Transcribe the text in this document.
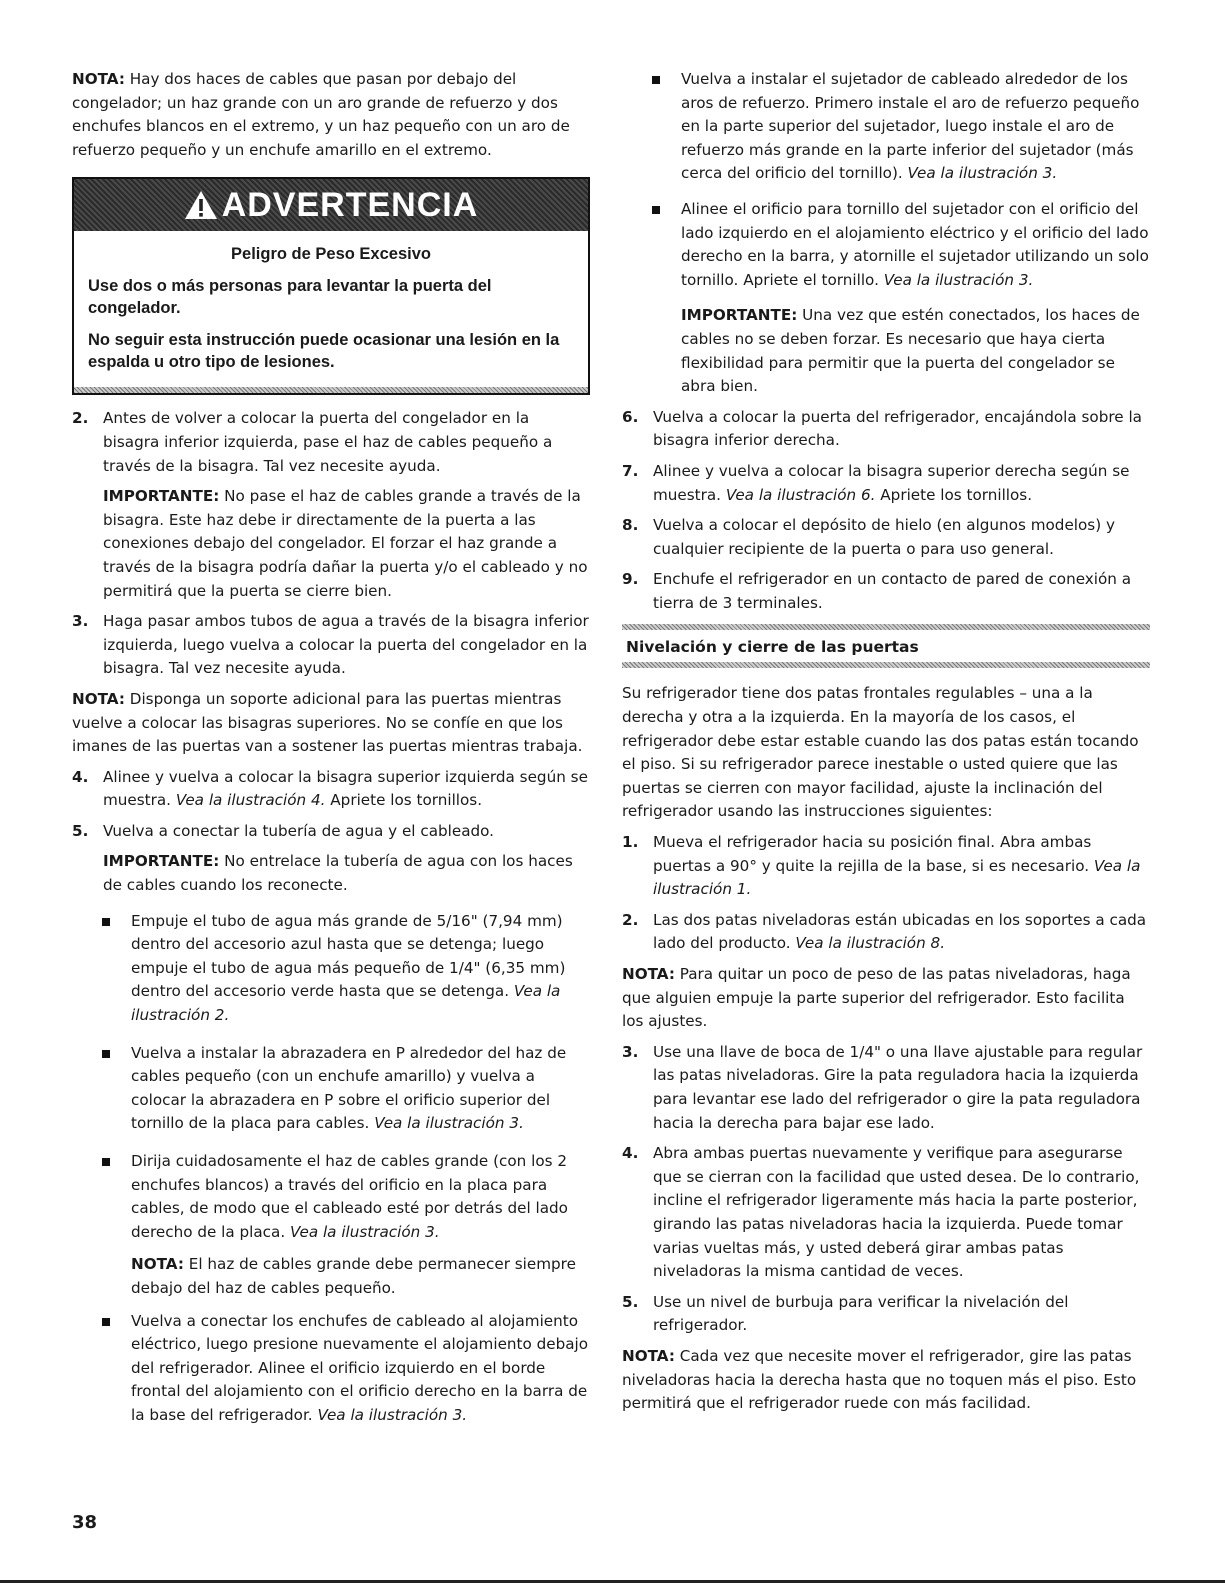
NOTA: Hay dos haces de cables que pasan por debajo del congelador; un haz grande con un aro grande de refuerzo y dos enchufes blancos en el extremo, y un haz pequeño con un aro de refuerzo pequeño y un enchufe amarillo en el extremo.

ADVERTENCIA
Peligro de Peso Excesivo

Use dos o más personas para levantar la puerta del congelador.

No seguir esta instrucción puede ocasionar una lesión en la espalda u otro tipo de lesiones.

2. Antes de volver a colocar la puerta del congelador en la bisagra inferior izquierda, pase el haz de cables pequeño a través de la bisagra. Tal vez necesite ayuda.

IMPORTANTE: No pase el haz de cables grande a través de la bisagra. Este haz debe ir directamente de la puerta a las conexiones debajo del congelador. El forzar el haz grande a través de la bisagra podría dañar la puerta y/o el cableado y no permitirá que la puerta se cierre bien.

3. Haga pasar ambos tubos de agua a través de la bisagra inferior izquierda, luego vuelva a colocar la puerta del congelador en la bisagra. Tal vez necesite ayuda.

NOTA: Disponga un soporte adicional para las puertas mientras vuelve a colocar las bisagras superiores. No se confíe en que los imanes de las puertas van a sostener las puertas mientras trabaja.

4. Alinee y vuelva a colocar la bisagra superior izquierda según se muestra. Vea la ilustración 4. Apriete los tornillos.

5. Vuelva a conectar la tubería de agua y el cableado.

IMPORTANTE: No entrelace la tubería de agua con los haces de cables cuando los reconecte.

Empuje el tubo de agua más grande de 5/16" (7,94 mm) dentro del accesorio azul hasta que se detenga; luego empuje el tubo de agua más pequeño de 1/4" (6,35 mm) dentro del accesorio verde hasta que se detenga. Vea la ilustración 2.

Vuelva a instalar la abrazadera en P alrededor del haz de cables pequeño (con un enchufe amarillo) y vuelva a colocar la abrazadera en P sobre el orificio superior del tornillo de la placa para cables. Vea la ilustración 3.

Dirija cuidadosamente el haz de cables grande (con los 2 enchufes blancos) a través del orificio en la placa para cables, de modo que el cableado esté por detrás del lado derecho de la placa. Vea la ilustración 3.

NOTA: El haz de cables grande debe permanecer siempre debajo del haz de cables pequeño.

Vuelva a conectar los enchufes de cableado al alojamiento eléctrico, luego presione nuevamente el alojamiento debajo del refrigerador. Alinee el orificio izquierdo en el borde frontal del alojamiento con el orificio derecho en la barra de la base del refrigerador. Vea la ilustración 3.

Vuelva a instalar el sujetador de cableado alrededor de los aros de refuerzo. Primero instale el aro de refuerzo pequeño en la parte superior del sujetador, luego instale el aro de refuerzo más grande en la parte inferior del sujetador (más cerca del orificio del tornillo). Vea la ilustración 3.

Alinee el orificio para tornillo del sujetador con el orificio del lado izquierdo en el alojamiento eléctrico y el orificio del lado derecho en la barra, y atornille el sujetador utilizando un solo tornillo. Apriete el tornillo. Vea la ilustración 3.

IMPORTANTE: Una vez que estén conectados, los haces de cables no se deben forzar. Es necesario que haya cierta flexibilidad para permitir que la puerta del congelador se abra bien.

6. Vuelva a colocar la puerta del refrigerador, encajándola sobre la bisagra inferior derecha.

7. Alinee y vuelva a colocar la bisagra superior derecha según se muestra. Vea la ilustración 6. Apriete los tornillos.

8. Vuelva a colocar el depósito de hielo (en algunos modelos) y cualquier recipiente de la puerta o para uso general.

9. Enchufe el refrigerador en un contacto de pared de conexión a tierra de 3 terminales.

Nivelación y cierre de las puertas

Su refrigerador tiene dos patas frontales regulables – una a la derecha y otra a la izquierda. En la mayoría de los casos, el refrigerador debe estar estable cuando las dos patas están tocando el piso. Si su refrigerador parece inestable o usted quiere que las puertas se cierren con mayor facilidad, ajuste la inclinación del refrigerador usando las instrucciones siguientes:

1. Mueva el refrigerador hacia su posición final. Abra ambas puertas a 90° y quite la rejilla de la base, si es necesario. Vea la ilustración 1.

2. Las dos patas niveladoras están ubicadas en los soportes a cada lado del producto. Vea la ilustración 8.

NOTA: Para quitar un poco de peso de las patas niveladoras, haga que alguien empuje la parte superior del refrigerador. Esto facilita los ajustes.

3. Use una llave de boca de 1/4" o una llave ajustable para regular las patas niveladoras. Gire la pata reguladora hacia la izquierda para levantar ese lado del refrigerador o gire la pata reguladora hacia la derecha para bajar ese lado.

4. Abra ambas puertas nuevamente y verifique para asegurarse que se cierran con la facilidad que usted desea. De lo contrario, incline el refrigerador ligeramente más hacia la parte posterior, girando las patas niveladoras hacia la izquierda. Puede tomar varias vueltas más, y usted deberá girar ambas patas niveladoras la misma cantidad de veces.

5. Use un nivel de burbuja para verificar la nivelación del refrigerador.

NOTA: Cada vez que necesite mover el refrigerador, gire las patas niveladoras hacia la derecha hasta que no toquen más el piso. Esto permitirá que el refrigerador ruede con más facilidad.

38
